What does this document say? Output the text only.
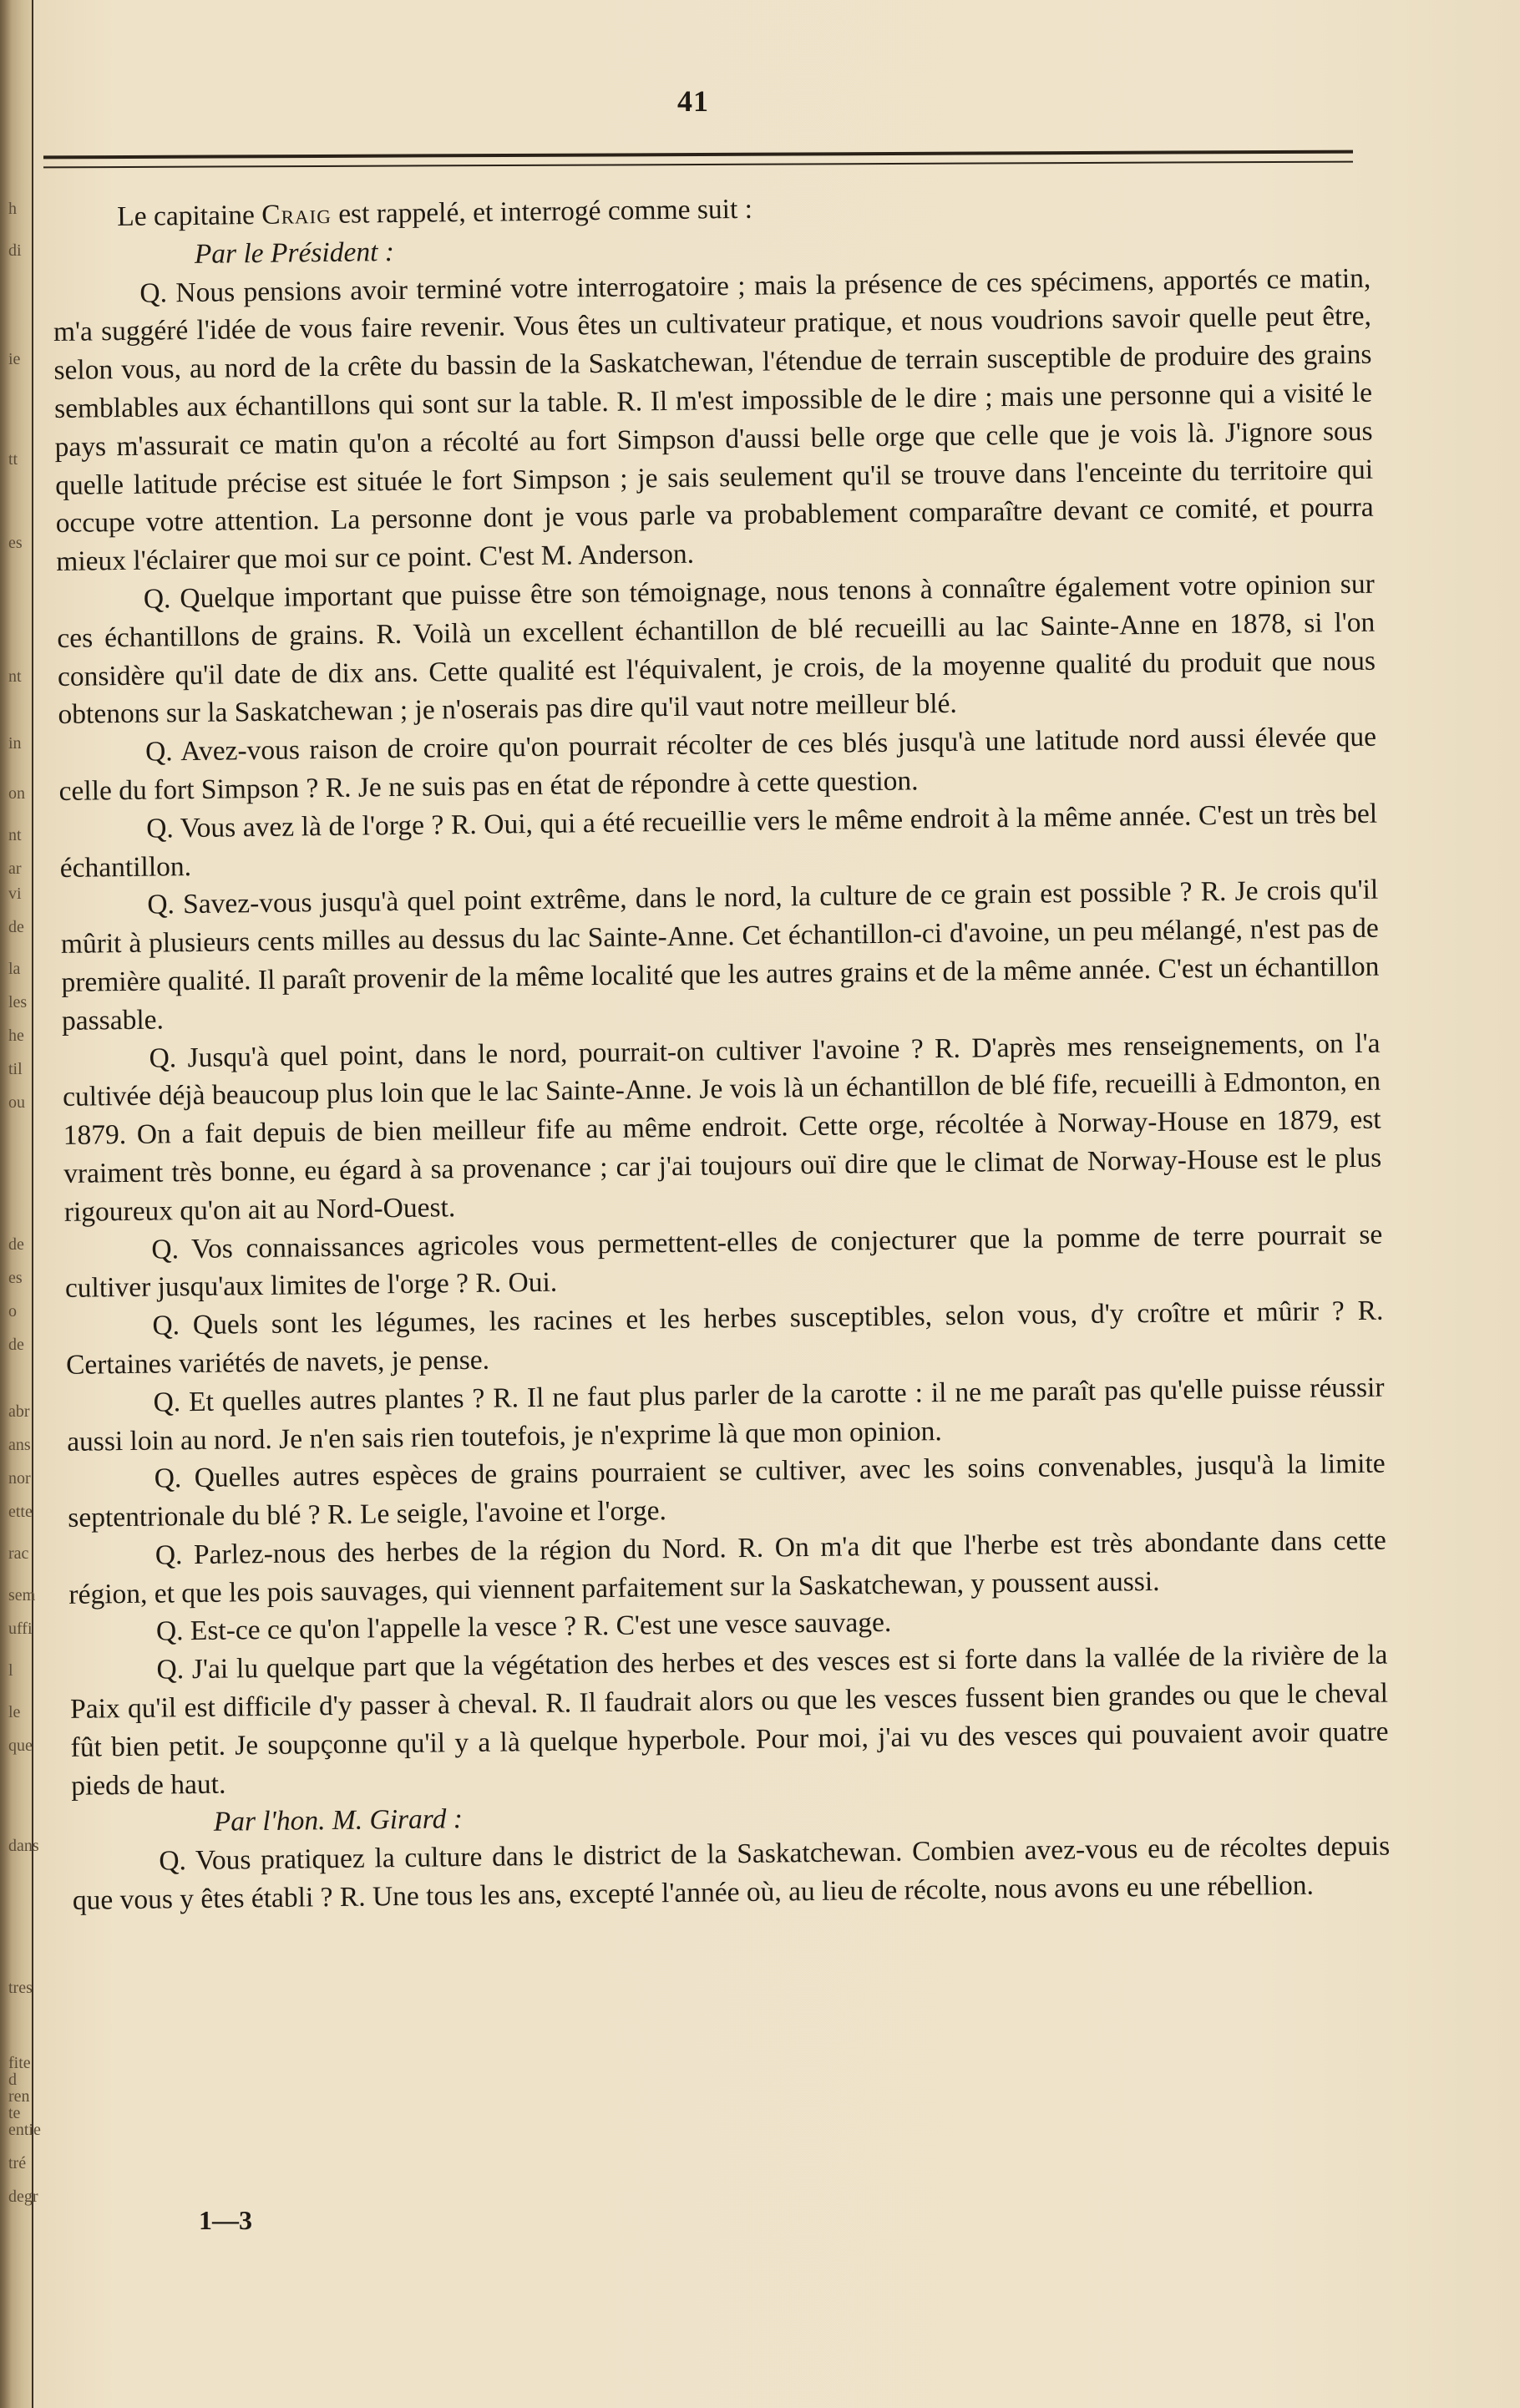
h
di
ie
tt
es
nt
in
on
nt
ar
vi
de
la
les
he
til
ou
de
es
o
de
abr
ans
nor
ette
rac
sem
uffi
l
le
que
dans
tres
ren te
entie
tré
degr
fite d
41

Le capitaine Craig est rappelé, et interrogé comme suit :

Par le Président :

Q. Nous pensions avoir terminé votre interrogatoire ; mais la présence de ces spécimens, apportés ce matin, m'a suggéré l'idée de vous faire revenir. Vous êtes un cultivateur pratique, et nous voudrions savoir quelle peut être, selon vous, au nord de la crête du bassin de la Saskatchewan, l'étendue de terrain susceptible de produire des grains semblables aux échantillons qui sont sur la table. R. Il m'est impossible de le dire ; mais une personne qui a visité le pays m'assurait ce matin qu'on a récolté au fort Simpson d'aussi belle orge que celle que je vois là. J'ignore sous quelle latitude précise est située le fort Simpson ; je sais seulement qu'il se trouve dans l'enceinte du territoire qui occupe votre attention. La personne dont je vous parle va probablement comparaître devant ce comité, et pourra mieux l'éclairer que moi sur ce point. C'est M. Anderson.

Q. Quelque important que puisse être son témoignage, nous tenons à connaître également votre opinion sur ces échantillons de grains. R. Voilà un excellent échantillon de blé recueilli au lac Sainte-Anne en 1878, si l'on considère qu'il date de dix ans. Cette qualité est l'équivalent, je crois, de la moyenne qualité du produit que nous obtenons sur la Saskatchewan ; je n'oserais pas dire qu'il vaut notre meilleur blé.

Q. Avez-vous raison de croire qu'on pourrait récolter de ces blés jusqu'à une latitude nord aussi élevée que celle du fort Simpson ? R. Je ne suis pas en état de répondre à cette question.

Q. Vous avez là de l'orge ? R. Oui, qui a été recueillie vers le même endroit à la même année. C'est un très bel échantillon.

Q. Savez-vous jusqu'à quel point extrême, dans le nord, la culture de ce grain est possible ? R. Je crois qu'il mûrit à plusieurs cents milles au dessus du lac Sainte-Anne. Cet échantillon-ci d'avoine, un peu mélangé, n'est pas de première qualité. Il paraît provenir de la même localité que les autres grains et de la même année. C'est un échantillon passable.

Q. Jusqu'à quel point, dans le nord, pourrait-on cultiver l'avoine ? R. D'après mes renseignements, on l'a cultivée déjà beaucoup plus loin que le lac Sainte-Anne. Je vois là un échantillon de blé fife, recueilli à Edmonton, en 1879. On a fait depuis de bien meilleur fife au même endroit. Cette orge, récoltée à Norway-House en 1879, est vraiment très bonne, eu égard à sa provenance ; car j'ai toujours ouï dire que le climat de Norway-House est le plus rigoureux qu'on ait au Nord-Ouest.

Q. Vos connaissances agricoles vous permettent-elles de conjecturer que la pomme de terre pourrait se cultiver jusqu'aux limites de l'orge ? R. Oui.

Q. Quels sont les légumes, les racines et les herbes susceptibles, selon vous, d'y croître et mûrir ? R. Certaines variétés de navets, je pense.

Q. Et quelles autres plantes ? R. Il ne faut plus parler de la carotte : il ne me paraît pas qu'elle puisse réussir aussi loin au nord. Je n'en sais rien toutefois, je n'exprime là que mon opinion.

Q. Quelles autres espèces de grains pourraient se cultiver, avec les soins convenables, jusqu'à la limite septentrionale du blé ? R. Le seigle, l'avoine et l'orge.

Q. Parlez-nous des herbes de la région du Nord. R. On m'a dit que l'herbe est très abondante dans cette région, et que les pois sauvages, qui viennent parfaitement sur la Saskatchewan, y poussent aussi.

Q. Est-ce ce qu'on l'appelle la vesce ? R. C'est une vesce sauvage.

Q. J'ai lu quelque part que la végétation des herbes et des vesces est si forte dans la vallée de la rivière de la Paix qu'il est difficile d'y passer à cheval. R. Il faudrait alors ou que les vesces fussent bien grandes ou que le cheval fût bien petit. Je soupçonne qu'il y a là quelque hyperbole. Pour moi, j'ai vu des vesces qui pouvaient avoir quatre pieds de haut.

Par l'hon. M. Girard :

Q. Vous pratiquez la culture dans le district de la Saskatchewan. Combien avez-vous eu de récoltes depuis que vous y êtes établi ? R. Une tous les ans, excepté l'année où, au lieu de récolte, nous avons eu une rébellion.

1—3
